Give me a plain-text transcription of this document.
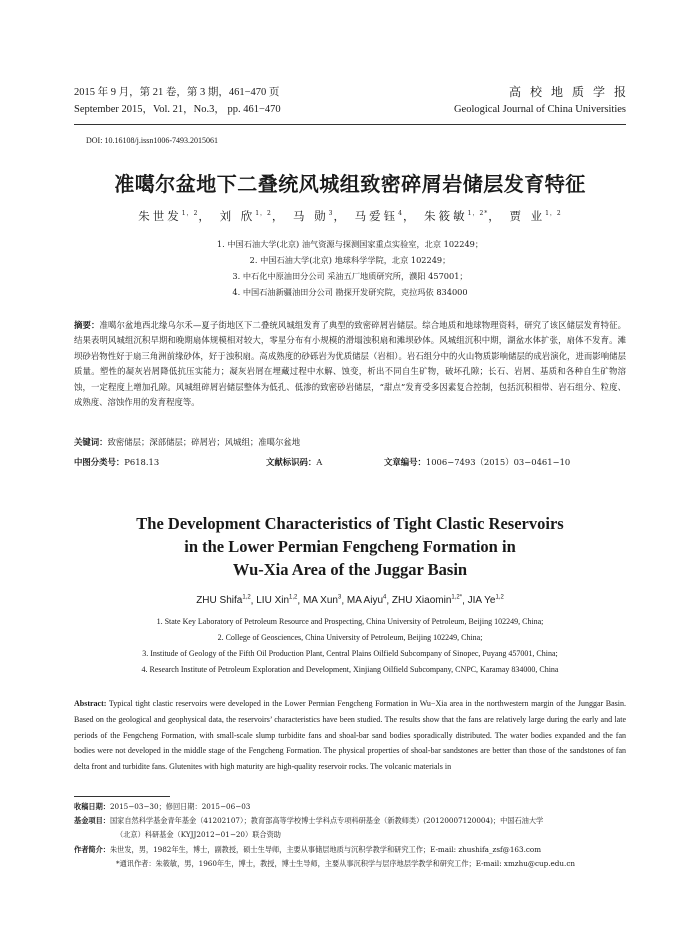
2015 年 9 月，第 21 卷，第 3 期，461−470 页
September 2015，Vol. 21，No.3， pp. 461−470
高校地质学报
Geological Journal of China Universities
DOI: 10.16108/j.issn1006-7493.2015061
准噶尔盆地下二叠统风城组致密碎屑岩储层发育特征
朱世发$^{1,2}$， 刘 欣$^{1,2}$， 马 勋$^3$， 马爱钰$^4$， 朱筱敏$^{1,2*}$， 贾 业$^{1,2}$
1. 中国石油大学(北京) 油气资源与探测国家重点实验室，北京 102249；
2. 中国石油大学(北京) 地球科学学院，北京 102249；
3. 中石化中原油田分公司 采油五厂地质研究所，濮阳 457001；
4. 中国石油新疆油田分公司 勘探开发研究院，克拉玛依 834000
摘要：准噶尔盆地西北缘乌尔禾—夏子街地区下二叠统风城组发育了典型的致密碎屑岩储层。综合地质和地球物理资料，研究了该区储层发育特征。结果表明风城组沉积早期和晚期扇体规模相对较大，零星分布有小规模的滑塌浊积扇和滩坝砂体。风城组沉积中期，湖盆水体扩张，扇体不发育。滩坝砂岩物性好于扇三角洲前缘砂体，好于浊积扇。高成熟度的砂砾岩为优质储层（岩相）。岩石组分中的火山物质影响储层的成岩演化，进而影响储层质量。塑性的凝灰岩屑降低抗压实能力；凝灰岩屑在埋藏过程中水解、蚀变，析出不同自生矿物，破坏孔隙；长石、岩屑、基质和各种自生矿物溶蚀，一定程度上增加孔隙。风城组碎屑岩储层整体为低孔、低渗的致密砂岩储层，“甜点”发育受多因素复合控制，包括沉积相带、岩石组分、粒度、成熟度、溶蚀作用的发育程度等。
关键词：致密储层；深部储层；碎屑岩；风城组；准噶尔盆地
中图分类号：P618.13	文献标识码：A	文章编号：1006−7493（2015）03−0461−10
The Development Characteristics of Tight Clastic Reservoirs
in the Lower Permian Fengcheng Formation in
Wu-Xia Area of the Juggar Basin
ZHU Shifa$^{1,2}$, LIU Xin$^{1,2}$, MA Xun$^3$, MA Aiyu$^4$, ZHU Xiaomin$^{1,2*}$, JIA Ye$^{1,2}$
1. State Key Laboratory of Petroleum Resource and Prospecting, China University of Petroleum, Beijing 102249, China;
2. College of Geosciences, China University of Petroleum, Beijing 102249, China;
3. Institude of Geology of the Fifth Oil Production Plant, Central Plains Oilfield Subcompany of Sinopec, Puyang 457001, China;
4. Research Institute of Petroleum Exploration and Development, Xinjiang Oilfield Subcompany, CNPC, Karamay 834000, China
Abstract: Typical tight clastic reservoirs were developed in the Lower Permian Fengcheng Formation in Wu−Xia area in the northwestern margin of the Junggar Basin. Based on the geological and geophysical data, the reservoirs’ characteristics have been studied. The results show that the fans are relatively large during the early and late periods of the Fengcheng Formation, with small-scale slump turbidite fans and shoal-bar sand bodies sporadically distributed. The water bodies expanded and the fan bodies were not developed in the middle stage of the Fengcheng Formation. The physical properties of shoal-bar sandstones are better than those of the sandstones of fan delta front and turbidite fans. Glutenites with high maturity are high-quality reservoir rocks. The volcanic materials in
收稿日期：2015−03−30；修回日期：2015−06−03
基金项目：国家自然科学基金青年基金（41202107）；教育部高等学校博士学科点专项科研基金（新教师类）(20120007120004)；中国石油大学
（北京）科研基金（KYJJ2012−01−20）联合资助
作者简介：朱世发，男，1982年生，博士，副教授，硕士生导师，主要从事储层地质与沉积学教学和研究工作；E-mail: zhushifa_zsf@163.com
*通讯作者：朱筱敏，男，1960年生，博士，教授，博士生导师，主要从事沉积学与层序地层学教学和研究工作；E-mail: xmzhu@cup.edu.cn
